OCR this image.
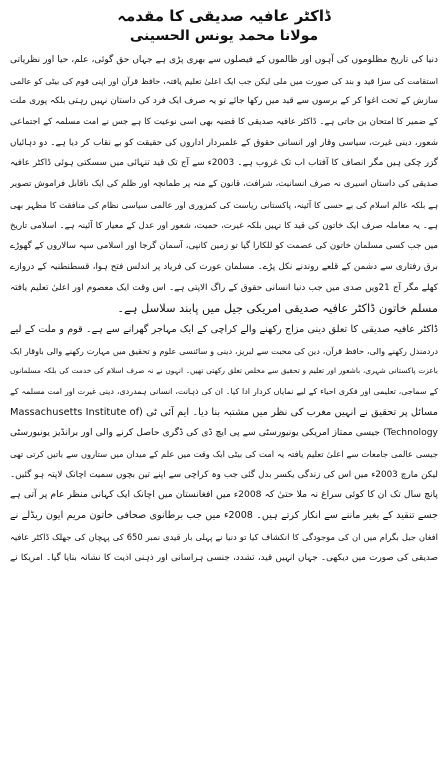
ڈاکٹر عافیہ صدیقی کا مقدمہ
مولانا محمد یونس الحسینی
دنیا کی تاریخ مظلوموں کی آہوں اور ظالموں کے فیصلوں سے بھری پڑی ہے جہاں حق گوئی، علم، حیا اور نظریاتی
استقامت کی سزا قید و بند کی صورت میں ملی لیکن جب ایک اعلیٰ تعلیم یافتہ، حافظ قرآن اور اپنی قوم کی بیٹی کو عالمی
سازش کے تحت اغوا کر کے برسوں سے قید میں رکھا جائے تو یہ صرف ایک فرد کی داستان نہیں رہتی بلکہ پوری ملت
کے ضمیر کا امتحان بن جاتی ہے۔ ڈاکٹر عافیہ صدیقی کا قضیہ بھی اسی نوعیت کا ہے جس نے امت مسلمہ کے اجتماعی
شعور، دینی غیرت، سیاسی وقار اور انسانی حقوق کے علمبردار اداروں کی حقیقت کو بے نقاب کر دیا ہے۔ دو دہائیاں
گزر چکی ہیں مگر انصاف کا آفتاب اب تک غروب ہے۔ 2003ء سے آج تک قید تنہائی میں سسکتی ہوئی ڈاکٹر عافیہ
صدیقی کی داستان اسیری نہ صرف انسانیت، شرافت، قانون کے منہ پر طمانچہ اور ظلم کی ایک ناقابل فراموش تصویر
ہے بلکہ عالم اسلام کی بے حسی کا آئینہ، پاکستانی ریاست کی کمزوری اور عالمی سیاسی نظام کی منافقت کا مظہر بھی
ہے۔ یہ معاملہ صرف ایک خاتون کی قید کا نہیں بلکہ غیرت، حمیت، شعور اور عدل کے معیار کا آئینہ ہے۔ اسلامی تاریخ
میں جب کسی مسلمان خاتون کی عصمت کو للکارا گیا تو زمین کانپی، آسمان گرجا اور اسلامی سپہ سالاروں کے گھوڑے
برق رفتاری سے دشمن کے قلعے روندنے نکل پڑے۔ مسلمان عورت کی فریاد پر اندلس فتح ہوا، قسطنطنیہ کے دروازے
کھلے مگر آج 21ویں صدی میں جب دنیا انسانی حقوق کے راگ الاپتی ہے۔ اس وقت ایک معصوم اور اعلیٰ تعلیم یافتہ
مسلم خاتون ڈاکٹر عافیہ صدیقی امریکی جیل میں پابند سلاسل ہے۔
ڈاکٹر عافیہ صدیقی کا تعلق دینی مزاج رکھنے والے کراچی کے ایک مہاجر گھرانے سے ہے۔ قوم و ملت کے لیے
دردمندل رکھنے والی، حافظ قرآن، دین کی محبت سے لبریز، دینی و سائنسی علوم و تحقیق میں مہارت رکھنے والی باوقار ایک
باعزت پاکستانی شہری، باشعور اور تعلیم و تحقیق سے مخلص تعلق رکھتی تھیں۔ انہوں نے نہ صرف اسلام کی خدمت کی بلکہ مسلمانوں
کے سماجی، تعلیمی اور فکری احیاء کے لیے نمایاں کردار ادا کیا۔ ان کی ذہانت، انسانی ہمدردی، دینی غیرت اور امت مسلمہ کے
مسائل پر تحقیق نے انہیں مغرب کی نظر میں مشتبہ بنا دیا۔ ایم آئی ٹی (Massachusetts Institute of
Technology) جیسی ممتاز امریکی یونیورسٹی سے پی ایچ ڈی کی ڈگری حاصل کرنے والی اور برانڈیز یونیورسٹی
جیسی عالمی جامعات سے اعلیٰ تعلیم یافتہ یہ امت کی بیٹی ایک وقت میں علم کے میدان میں ستاروں سے باتیں کرتی تھی
لیکن مارچ 2003ء میں اس کی زندگی یکسر بدل گئی جب وہ کراچی سے اپنے تین بچوں سمیت اچانک لاپتہ ہو گئیں۔
پانچ سال تک ان کا کوئی سراغ نہ ملا حتیٰ کہ 2008ء میں افغانستان میں اچانک ایک کہانی منظر عام پر آتی ہے
جسے تنقید کے بغیر ماننے سے انکار کرتے ہیں۔ 2008ء میں جب برطانوی صحافی خاتون مریم ایون ریڈلے نے
افغان جیل بگرام میں ان کی موجودگی کا انکشاف کیا تو دنیا نے پہلی بار قیدی نمبر 650 کی پہچان کی جھلک ڈاکٹر عافیہ
صدیقی کی صورت میں دیکھی۔ جہاں انہیں قید، تشدد، جنسی ہراسانی اور ذہنی اذیت کا نشانہ بنایا گیا۔ امریکا نے
